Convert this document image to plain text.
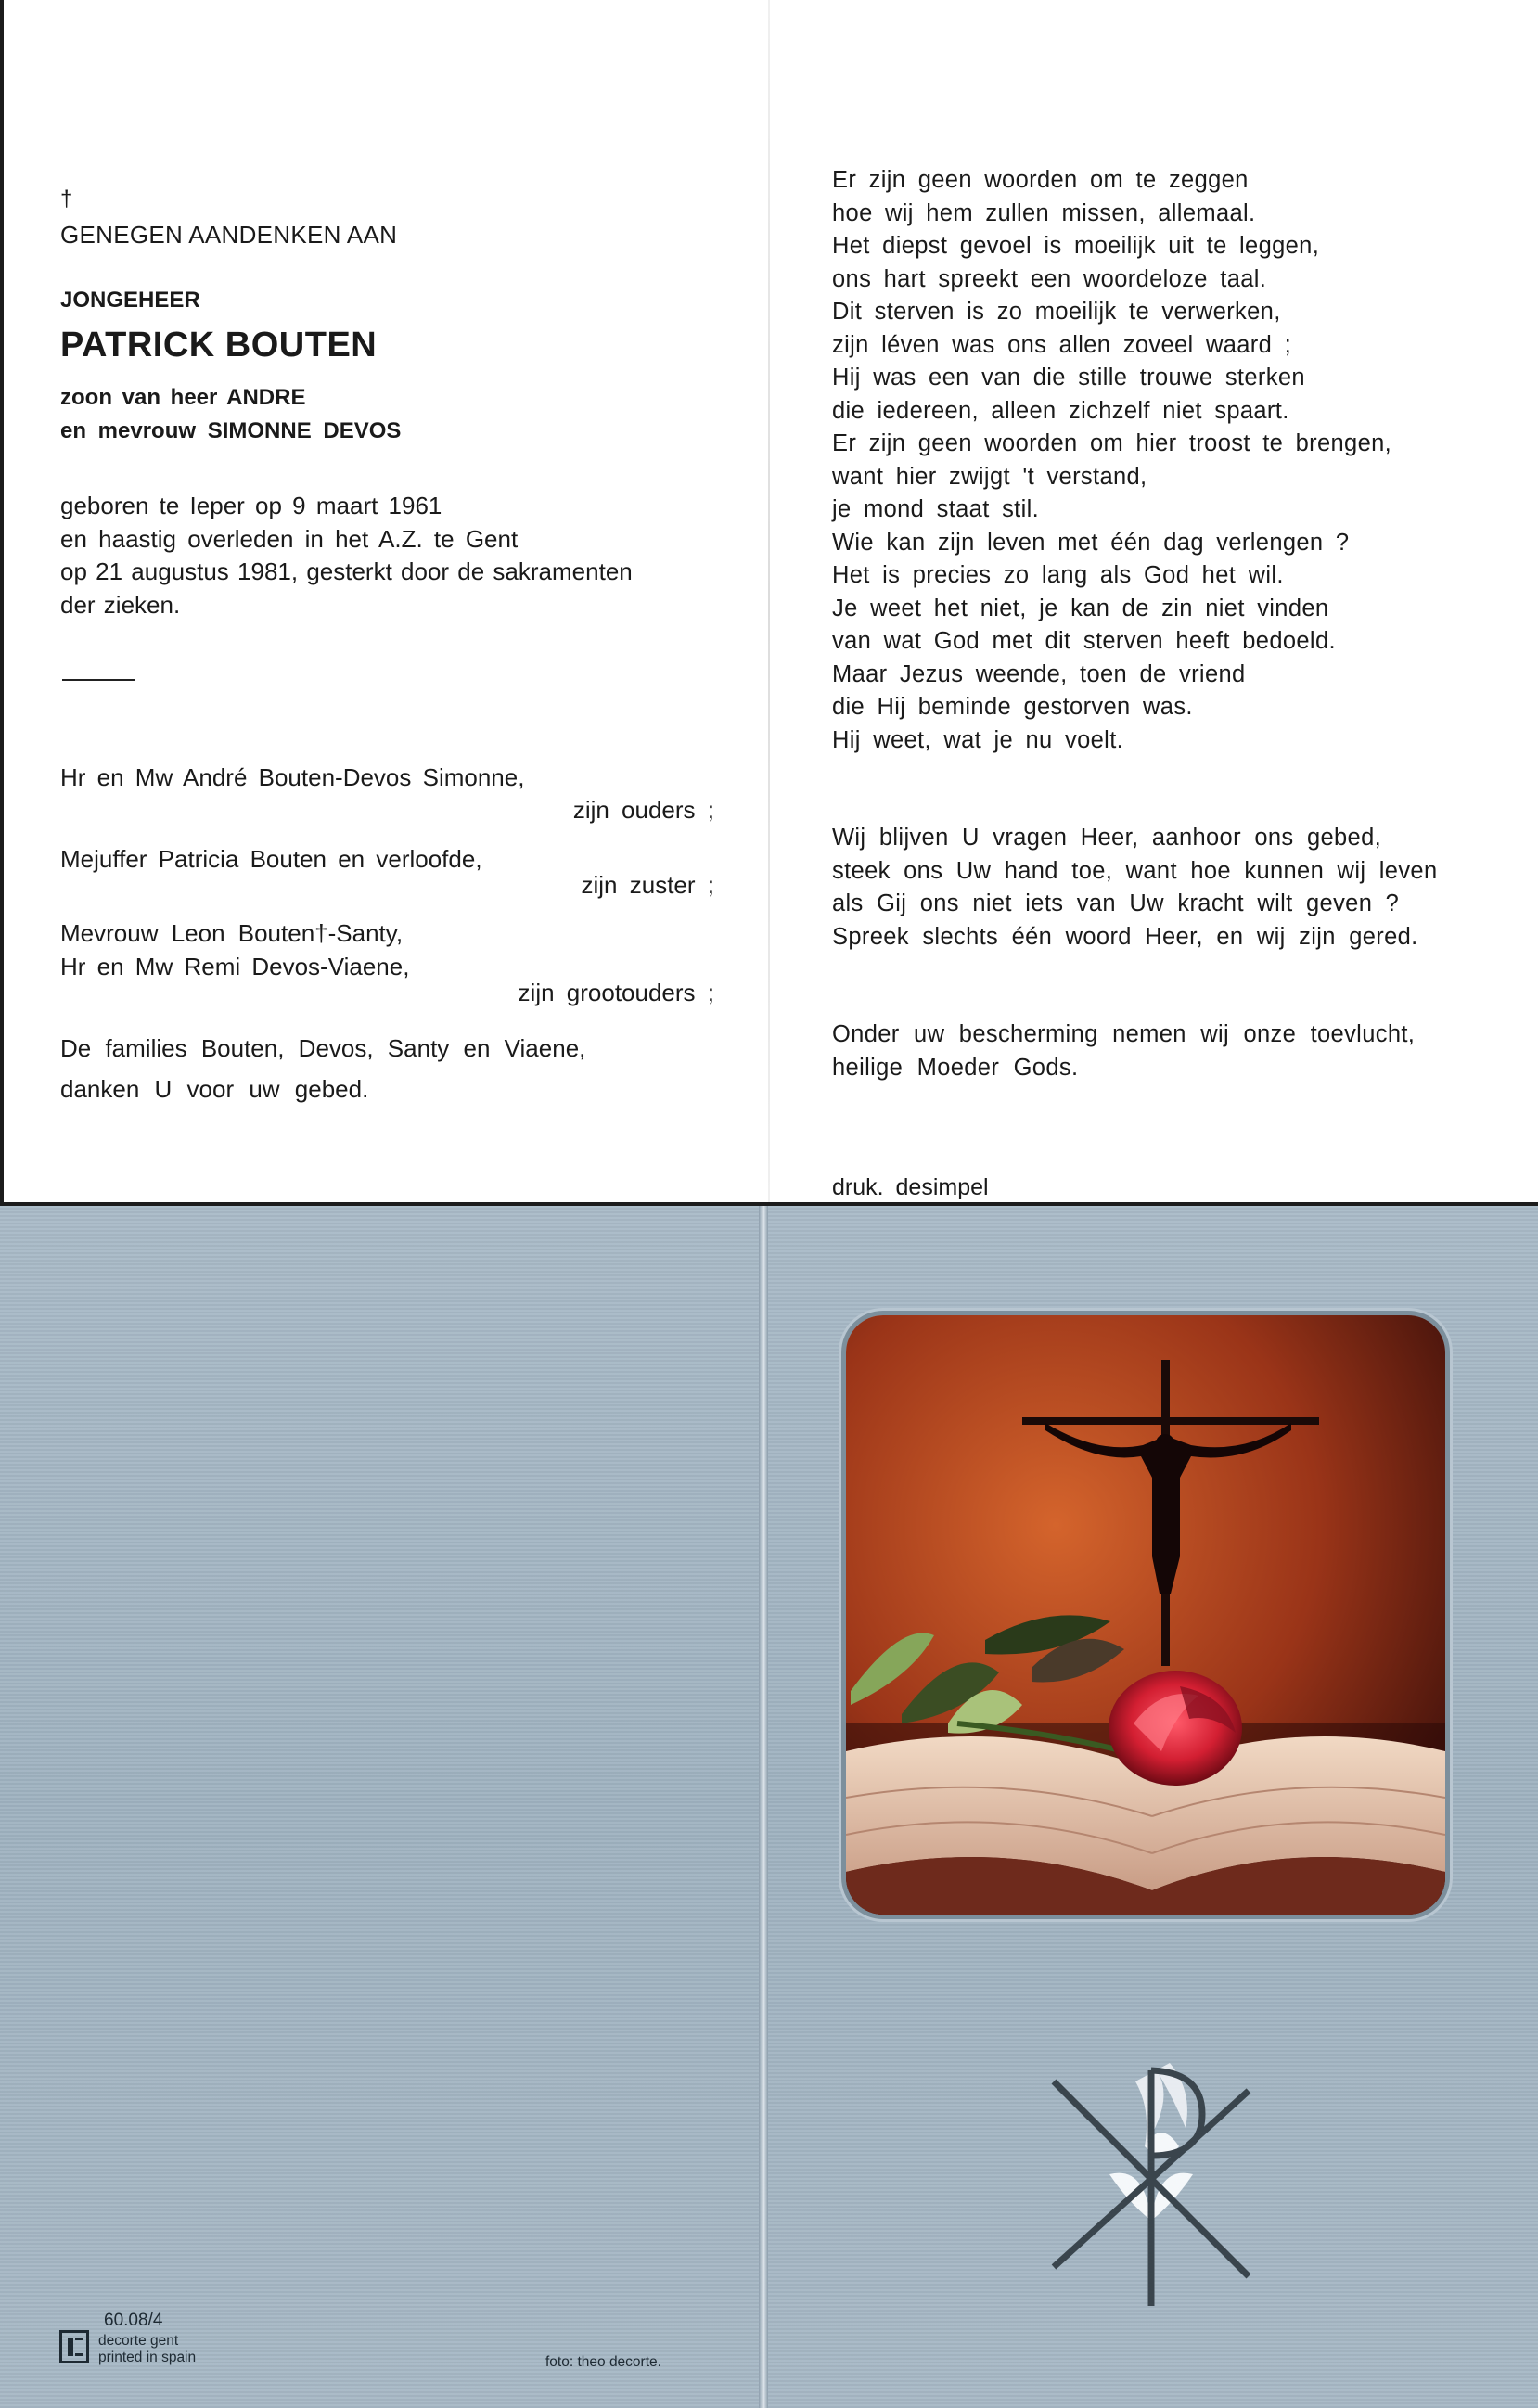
†
GENEGEN AANDENKEN AAN
JONGEHEER
PATRICK BOUTEN
zoon van heer ANDRE
en mevrouw SIMONNE DEVOS
geboren te Ieper op 9 maart 1961
en haastig overleden in het A.Z. te Gent
op 21 augustus 1981, gesterkt door de sakramenten
der zieken.
Hr en Mw André Bouten-Devos Simonne,
zijn ouders ;
Mejuffer Patricia Bouten en verloofde,
zijn zuster ;
Mevrouw Leon Bouten†-Santy,
Hr en Mw Remi Devos-Viaene,
zijn grootouders ;
De families Bouten, Devos, Santy en Viaene,
danken U voor uw gebed.
Er zijn geen woorden om te zeggen
hoe wij hem zullen missen, allemaal.
Het diepst gevoel is moeilijk uit te leggen,
ons hart spreekt een woordeloze taal.
Dit sterven is zo moeilijk te verwerken,
zijn léven was ons allen zoveel waard ;
Hij was een van die stille trouwe sterken
die iedereen, alleen zichzelf niet spaart.
Er zijn geen woorden om hier troost te brengen,
want hier zwijgt 't verstand,
je mond staat stil.
Wie kan zijn leven met één dag verlengen ?
Het is precies zo lang als God het wil.
Je weet het niet, je kan de zin niet vinden
van wat God met dit sterven heeft bedoeld.
Maar Jezus weende, toen de vriend
die Hij beminde gestorven was.
Hij weet, wat je nu voelt.
Wij blijven U vragen Heer, aanhoor ons gebed,
steek ons Uw hand toe, want hoe kunnen wij leven
als Gij ons niet iets van Uw kracht wilt geven ?
Spreek slechts één woord Heer, en wij zijn gered.
Onder uw bescherming nemen wij onze toevlucht,
heilige Moeder Gods.
druk. desimpel
60.08/4
decorte gent
printed in spain	foto: theo decorte.
